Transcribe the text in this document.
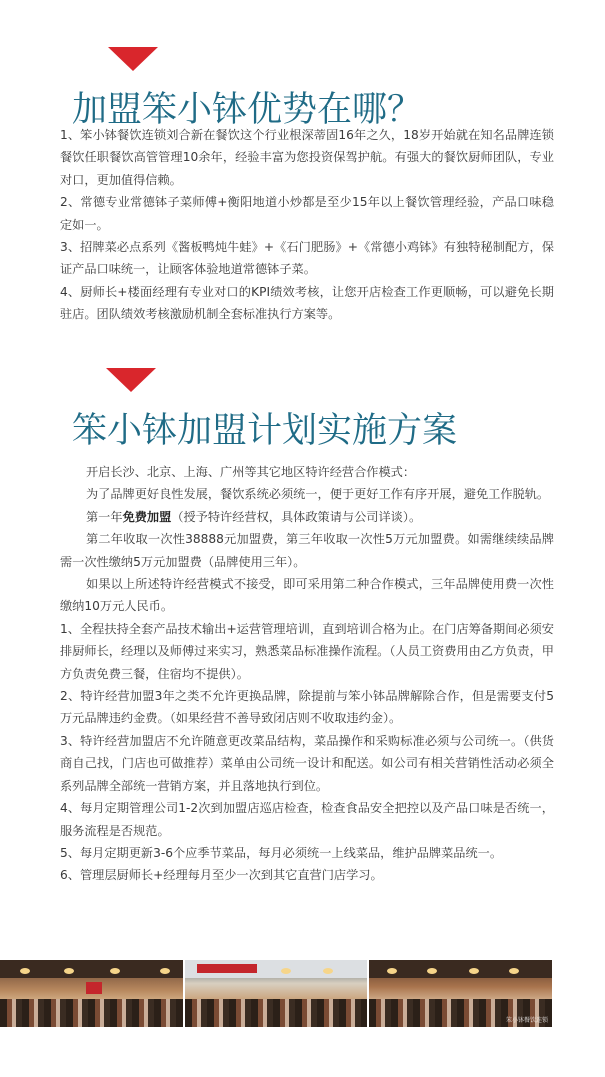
加盟笨小钵优势在哪？

1、笨小钵餐饮连锁刘合新在餐饮这个行业根深蒂固16年之久，18岁开始就在知名品牌连锁餐饮任职餐饮高管管理10余年，经验丰富为您投资保驾护航。有强大的餐饮厨师团队，专业对口，更加值得信赖。

2、常德专业常德钵子菜师傅+衡阳地道小炒都是至少15年以上餐饮管理经验，产品口味稳定如一。

3、招牌菜必点系列《酱板鸭炖牛蛙》+《石门肥肠》+《常德小鸡钵》有独特秘制配方，保证产品口味统一，让顾客体验地道常德钵子菜。

4、厨师长+楼面经理有专业对口的KPI绩效考核，让您开店检查工作更顺畅，可以避免长期驻店。团队绩效考核激励机制全套标准执行方案等。

笨小钵加盟计划实施方案

开启长沙、北京、上海、广州等其它地区特许经营合作模式：

为了品牌更好良性发展，餐饮系统必须统一，便于更好工作有序开展，避免工作脱轨。

第一年免费加盟（授予特许经营权，具体政策请与公司详谈）。

第二年收取一次性38888元加盟费，第三年收取一次性5万元加盟费。如需继续续品牌需一次性缴纳5万元加盟费（品牌使用三年）。

如果以上所述特许经营模式不接受，即可采用第二种合作模式，三年品牌使用费一次性缴纳10万元人民币。

1、全程扶持全套产品技术输出+运营管理培训，直到培训合格为止。在门店筹备期间必须安排厨师长，经理以及师傅过来实习，熟悉菜品标准操作流程。（人员工资费用由乙方负责，甲方负责免费三餐，住宿均不提供）。

2、特许经营加盟3年之类不允许更换品牌，除提前与笨小钵品牌解除合作，但是需要支付5万元品牌违约金费。（如果经营不善导致闭店则不收取违约金）。

3、特许经营加盟店不允许随意更改菜品结构，菜品操作和采购标准必须与公司统一。（供货商自己找，门店也可做推荐）菜单由公司统一设计和配送。如公司有相关营销性活动必须全系列品牌全部统一营销方案，并且落地执行到位。

4、每月定期管理公司1-2次到加盟店巡店检查，检查食品安全把控以及产品口味是否统一，服务流程是否规范。

5、每月定期更新3-6个应季节菜品，每月必须统一上线菜品，维护品牌菜品统一。

6、管理层厨师长+经理每月至少一次到其它直营门店学习。

笨小钵餐饮连锁
